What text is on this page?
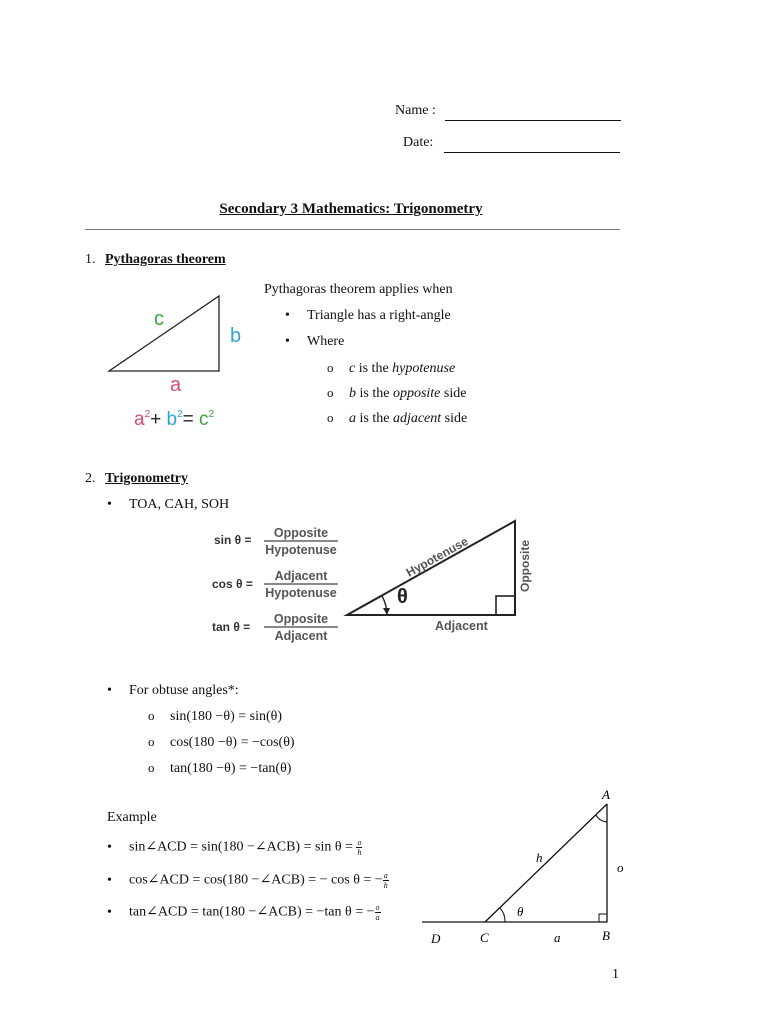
Name :
Date:
Secondary 3 Mathematics: Trigonometry
1. Pythagoras theorem
c
b
a
$a^2+ b^2= c^2$
Pythagoras theorem applies when
• Triangle has a right-angle
• Where
o c is the hypotenuse
o b is the opposite side
o a is the adjacent side
2. Trigonometry
• TOA, CAH, SOH
sin θ = Opposite
Hypotenuse
cos θ =
Adjacent
Hypotenuse
tan θ =
Opposite
Adjacent
θ
Hypotenuse	Opposite
Adjacent
• For obtuse angles*:
o sin(180 −θ) = sin(θ)
o cos(180 −θ) = −cos(θ)
o tan(180 −θ) = −tan(θ)
Example
• sin∠ACD = sin(180 −∠ACB) = $\sin \theta = \frac{o}{h}$
• cos∠ACD = cos(180 −∠ACB) = − cos θ = − $\frac{a}{h}$
• tan∠ACD = tan(180 −∠ACB) = −tan θ = − $\frac{o}{a}$
A
B
C
D
h
o
a
θ
1
